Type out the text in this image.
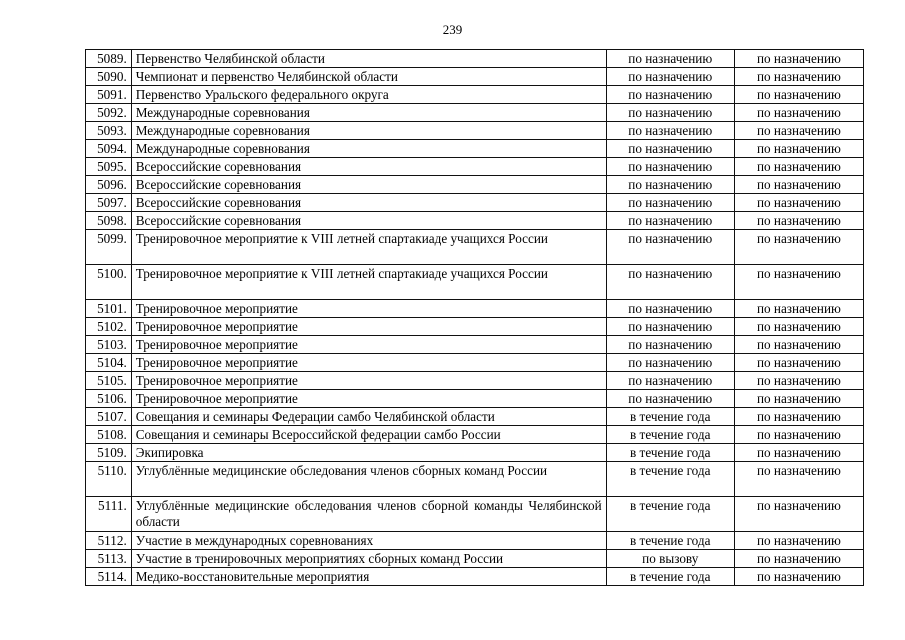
239
5089.	Первенство Челябинской области	по назначению	по назначению
5090.	Чемпионат и первенство Челябинской области	по назначению	по назначению
5091.	Первенство Уральского федерального округа	по назначению	по назначению
5092.	Международные соревнования	по назначению	по назначению
5093.	Международные соревнования	по назначению	по назначению
5094.	Международные соревнования	по назначению	по назначению
5095.	Всероссийские соревнования	по назначению	по назначению
5096.	Всероссийские соревнования	по назначению	по назначению
5097.	Всероссийские соревнования	по назначению	по назначению
5098.	Всероссийские соревнования	по назначению	по назначению
5099.	Тренировочное мероприятие к VIII летней спартакиаде учащихся России	по назначению	по назначению
5100.	Тренировочное мероприятие к VIII летней спартакиаде учащихся России	по назначению	по назначению
5101.	Тренировочное мероприятие	по назначению	по назначению
5102.	Тренировочное мероприятие	по назначению	по назначению
5103.	Тренировочное мероприятие	по назначению	по назначению
5104.	Тренировочное мероприятие	по назначению	по назначению
5105.	Тренировочное мероприятие	по назначению	по назначению
5106.	Тренировочное мероприятие	по назначению	по назначению
5107.	Совещания и семинары Федерации самбо Челябинской области	в течение года	по назначению
5108.	Совещания и семинары Всероссийской федерации самбо России	в течение года	по назначению
5109.	Экипировка	в течение года	по назначению
5110.	Углублённые медицинские обследования членов сборных команд России	в течение года	по назначению
5111.	Углублённые медицинские обследования членов сборной команды Челябинской области	в течение года	по назначению
5112.	Участие в международных соревнованиях	в течение года	по назначению
5113.	Участие в тренировочных мероприятиях сборных команд России	по вызову	по назначению
5114.	Медико-восстановительные мероприятия	в течение года	по назначению
